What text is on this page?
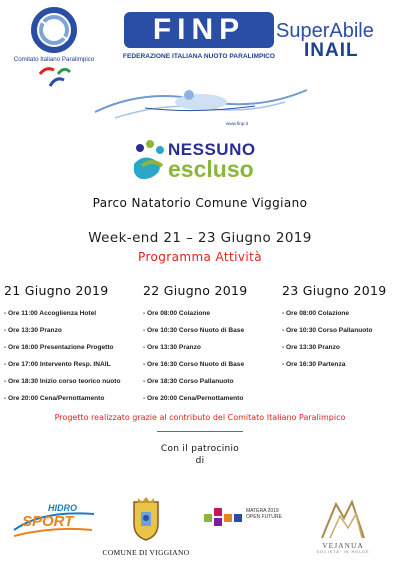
Comitato Italiano Paralimpico
FINP
FEDERAZIONE ITALIANA NUOTO PARALIMPICO
SuperAbile
INAIL
www.finp.it
NESSUNO
escluso
Parco Natatorio Comune Viggiano
Week-end 21 – 23 Giugno 2019
Programma Attività
21 Giugno 2019	22 Giugno 2019	23 Giugno 2019
- Ore 11:00 Accoglienza Hotel
- Ore 13:30 Pranzo
- Ore 16:00 Presentazione Progetto
- Ore 17:00 Intervento Resp. INAIL
- Ore 18:30 Inizio corso teorico nuoto
- Ore 20:00 Cena/Pernottamento
- Ore 08:00 Colazione
- Ore 10:30 Corso Nuoto di Base
- Ore 13:30 Pranzo
- Ore 16:30 Corso Nuoto di Base
- Ore 18:30 Corso Pallanuoto
- Ore 20:00 Cena/Pernottamento
- Ore 08:00 Colazione
- Ore 10:30 Corso Pallanuoto
- Ore 13:30 Pranzo
- Ore 16:30 Partenza
Progetto realizzato grazie al contributo del Comitato Italiano Paralimpico
Con il patrocinio
di
HIDRO
SPORT
COMUNE DI VIGGIANO
MATERA 2019
OPEN FUTURE
VEJANUA
SOCIETA' IN HOLDE
